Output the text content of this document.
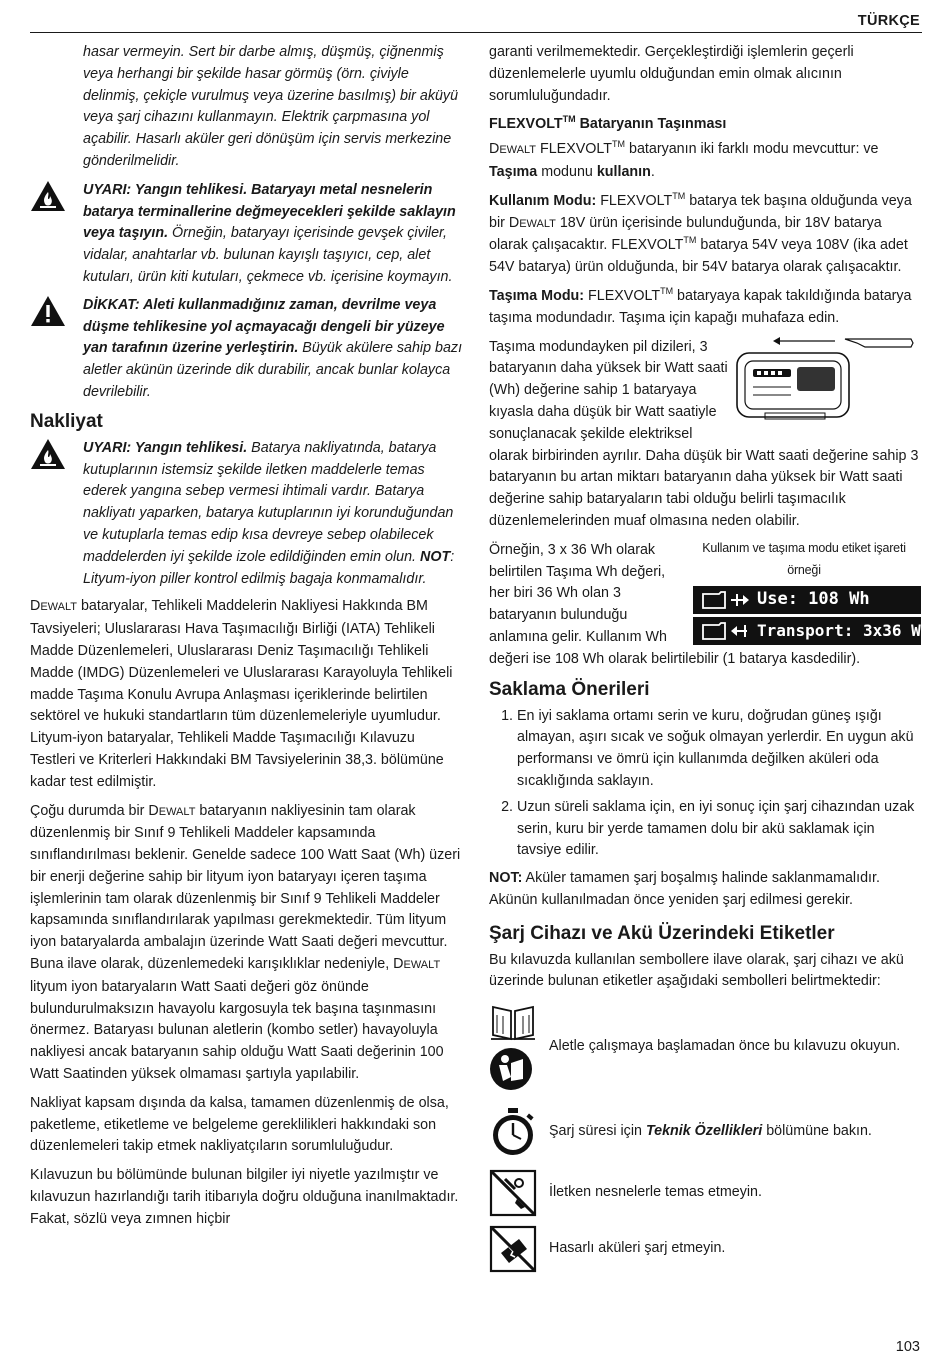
TÜRKÇE

hasar vermeyin. Sert bir darbe almış, düşmüş, çiğnenmiş veya herhangi bir şekilde hasar görmüş (örn. çiviyle delinmiş, çekiçle vurulmuş veya üzerine basılmış) bir aküyü veya şarj cihazını kullanmayın. Elektrik çarpmasına yol açabilir. Hasarlı aküler geri dönüşüm için servis merkezine gönderilmelidir.

UYARI: Yangın tehlikesi. Bataryayı metal nesnelerin batarya terminallerine değmeyecekleri şekilde saklayın veya taşıyın. Örneğin, bataryayı içerisinde gevşek çiviler, vidalar, anahtarlar vb. bulunan kayışlı taşıyıcı, cep, alet kutuları, ürün kiti kutuları, çekmece vb. içerisine koymayın.
DİKKAT: Aleti kullanmadığınız zaman, devrilme veya düşme tehlikesine yol açmayacağı dengeli bir yüzeye yan tarafının üzerine yerleştirin. Büyük akülere sahip bazı aletler akünün üzerinde dik durabilir, ancak bunlar kolayca devrilebilir.
Nakliyat
UYARI: Yangın tehlikesi. Batarya nakliyatında, batarya kutuplarının istemsiz şekilde iletken maddelerle temas ederek yangına sebep vermesi ihtimali vardır. Batarya nakliyatı yaparken, batarya kutuplarının iyi korunduğundan ve kutuplarla temas edip kısa devreye sebep olabilecek maddelerden iyi şekilde izole edildiğinden emin olun. NOT: Lityum-iyon piller kontrol edilmiş bagaja konmamalıdır.

DEWALT bataryalar, Tehlikeli Maddelerin Nakliyesi Hakkında BM Tavsiyeleri; Uluslararası Hava Taşımacılığı Birliği (IATA) Tehlikeli Madde Düzenlemeleri, Uluslararası Deniz Taşımacılığı Tehlikeli Madde (IMDG) Düzenlemeleri ve Uluslararası Karayoluyla Tehlikeli madde Taşıma Konulu Avrupa Anlaşması içeriklerinde belirtilen sektörel ve hukuki standartların tüm düzenlemeleriyle uyumludur. Lityum-iyon bataryalar, Tehlikeli Madde Taşımacılığı Kılavuzu Testleri ve Kriterleri Hakkındaki BM Tavsiyelerinin 38,3. bölümüne kadar test edilmiştir.

Çoğu durumda bir DEWALT bataryanın nakliyesinin tam olarak düzenlenmiş bir Sınıf 9 Tehlikeli Maddeler kapsamında sınıflandırılması beklenir. Genelde sadece 100 Watt Saat (Wh) üzeri bir enerji değerine sahip bir lityum iyon bataryayı içeren taşıma işlemlerinin tam olarak düzenlenmiş bir Sınıf 9 Tehlikeli Maddeler kapsamında sınıflandırılarak yapılması gerekmektedir. Tüm lityum iyon bataryalarda ambalajın üzerinde Watt Saati değeri mevcuttur. Buna ilave olarak, düzenlemedeki karışıklıklar nedeniyle, DEWALT lityum iyon bataryaların Watt Saati değeri göz önünde bulundurulmaksızın havayolu kargosuyla tek başına taşınmasını önermez. Bataryası bulunan aletlerin (kombo setler) havayoluyla nakliyesi ancak bataryanın sahip olduğu Watt Saati değerinin 100 Watt Saatinden yüksek olmaması şartıyla yapılabilir.

Nakliyat kapsam dışında da kalsa, tamamen düzenlenmiş de olsa, paketleme, etiketleme ve belgeleme gereklilikleri hakkındaki son düzenlemeleri takip etmek nakliyatçıların sorumluluğudur.

Kılavuzun bu bölümünde bulunan bilgiler iyi niyetle yazılmıştır ve kılavuzun hazırlandığı tarih itibarıyla doğru olduğuna inanılmaktadır. Fakat, sözlü veya zımnen hiçbir

garanti verilmemektedir. Gerçekleştirdiği işlemlerin geçerli düzenlemelerle uyumlu olduğundan emin olmak alıcının sorumluluğundadır.

FLEXVOLT™ Bataryanın Taşınması

DEWALT FLEXVOLT™ bataryanın iki farklı modu mevcuttur: ve Taşıma modunu kullanın.

Kullanım Modu: FLEXVOLT™ batarya tek başına olduğunda veya bir DEWALT 18V ürün içerisinde bulunduğunda, bir 18V batarya olarak çalışacaktır. FLEXVOLT™ batarya 54V veya 108V (ika adet 54V batarya) ürün olduğunda, bir 54V batarya olarak çalışacaktır.

Taşıma Modu: FLEXVOLT™ bataryaya kapak takıldığında batarya taşıma modundadır. Taşıma için kapağı muhafaza edin.

Taşıma modundayken pil dizileri, 3 bataryanın daha yüksek bir Watt saati (Wh) değerine sahip 1 bataryaya kıyasla daha düşük bir Watt saatiyle sonuçlanacak şekilde elektriksel olarak birbirinden ayrılır. Daha düşük bir Watt saati değerine sahip 3 bataryanın bu artan miktarı bataryanın daha yüksek bir Watt saati değerine sahip bataryaların tabi olduğu belirli taşımacılık düzenlemelerinden muaf olmasına neden olabilir.

Kullanım ve taşıma modu etiket işareti örneği
Use: 108 Wh
Transport: 3x36 Wh

Örneğin, 3 x 36 Wh olarak belirtilen Taşıma Wh değeri, her biri 36 Wh olan 3 bataryanın bulunduğu anlamına gelir. Kullanım Wh değeri ise 108 Wh olarak belirtilebilir (1 batarya kasdedilir).

Saklama Önerileri
1. En iyi saklama ortamı serin ve kuru, doğrudan güneş ışığı almayan, aşırı sıcak ve soğuk olmayan yerlerdir. En uygun akü performansı ve ömrü için kullanımda değilken aküleri oda sıcaklığında saklayın.
2. Uzun süreli saklama için, en iyi sonuç için şarj cihazından uzak serin, kuru bir yerde tamamen dolu bir akü saklamak için tavsiye edilir.

NOT: Aküler tamamen şarj boşalmış halinde saklanmamalıdır. Akünün kullanılmadan önce yeniden şarj edilmesi gerekir.

Şarj Cihazı ve Akü Üzerindeki Etiketler

Bu kılavuzda kullanılan sembollere ilave olarak, şarj cihazı ve akü üzerinde bulunan etiketler aşağıdaki sembolleri belirtmektedir:

Aletle çalışmaya başlamadan önce bu kılavuzu okuyun.
Şarj süresi için Teknik Özellikleri bölümüne bakın.
İletken nesnelerle temas etmeyin.
Hasarlı aküleri şarj etmeyin.
103
